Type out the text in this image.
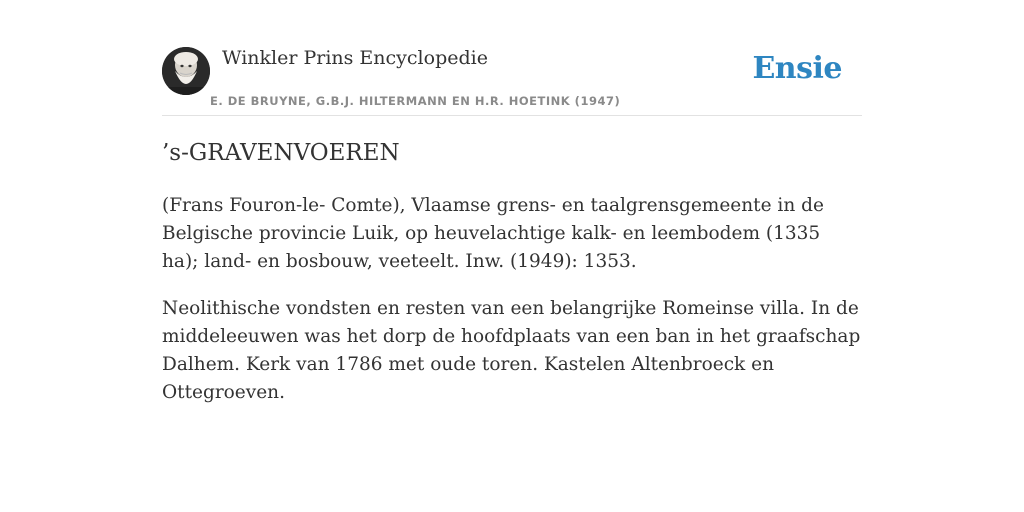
Winkler Prins Encyclopedie
E. DE BRUYNE, G.B.J. HILTERMANN EN H.R. HOETINK (1947)
Ensie
’s-GRAVENVOEREN

(Frans Fouron-le- Comte), Vlaamse grens- en taalgrensgemeente in de Belgische provincie Luik, op heuvelachtige kalk- en leembodem (1335 ha); land- en bosbouw, veeteelt. Inw. (1949): 1353.

Neolithische vondsten en resten van een belangrijke Romeinse villa. In de middeleeuwen was het dorp de hoofdplaats van een ban in het graafschap Dalhem. Kerk van 1786 met oude toren. Kastelen Altenbroeck en Ottegroeven.
